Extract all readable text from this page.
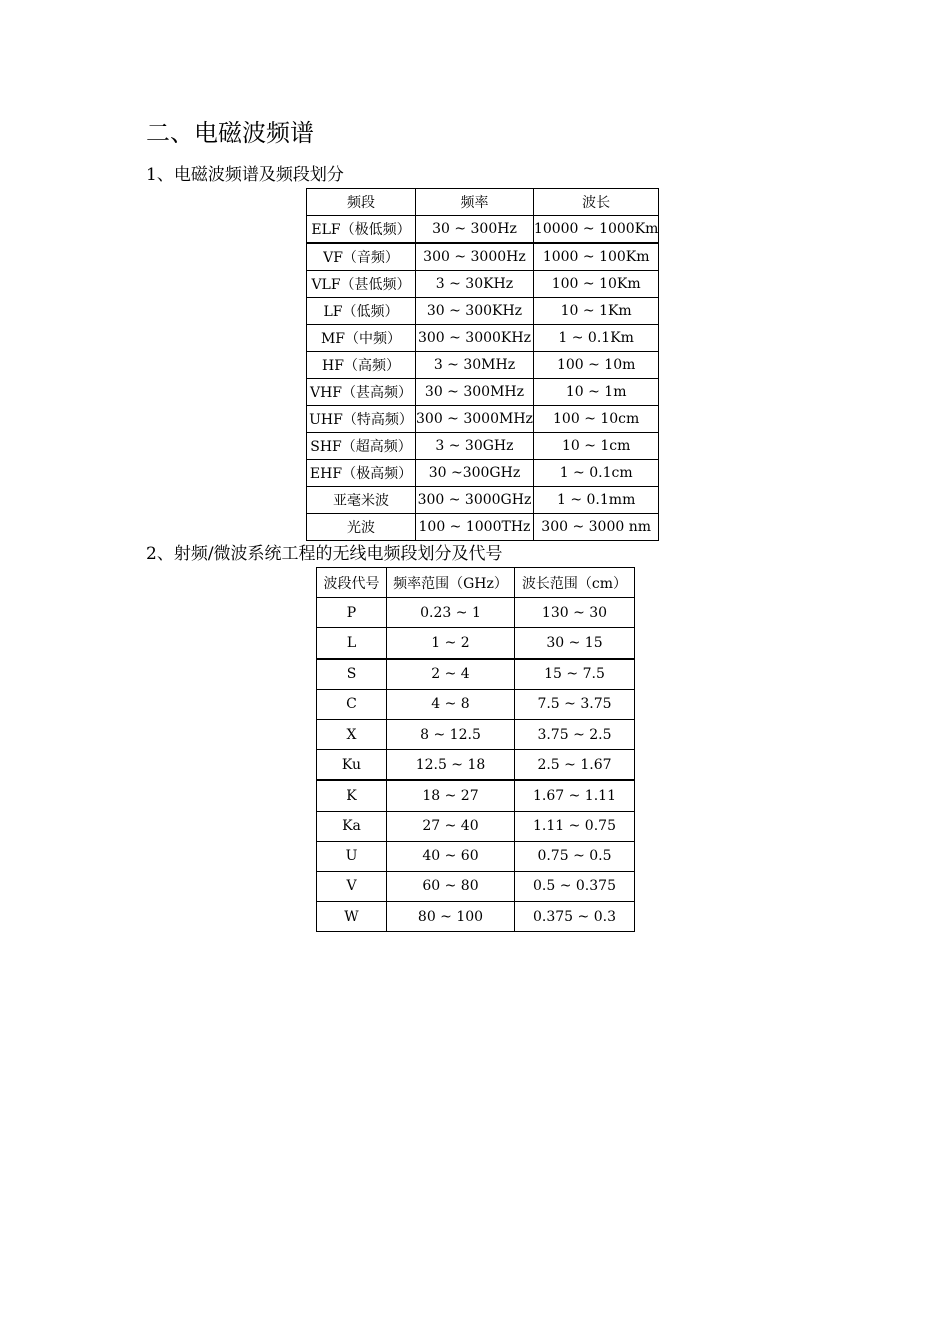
二、电磁波频谱
1、电磁波频谱及频段划分
频段	频率	波长
ELF（极低频）	30 ~ 300Hz	10000 ~ 1000Km
VF（音频）	300 ~ 3000Hz	1000 ~ 100Km
VLF（甚低频）	3 ~ 30KHz	100 ~ 10Km
LF（低频）	30 ~ 300KHz	10 ~ 1Km
MF（中频）	300 ~ 3000KHz	1 ~ 0.1Km
HF（高频）	3 ~ 30MHz	100 ~ 10m
VHF（甚高频）	30 ~ 300MHz	10 ~ 1m
UHF（特高频）	300 ~ 3000MHz	100 ~ 10cm
SHF（超高频）	3 ~ 30GHz	10 ~ 1cm
EHF（极高频）	30 ~300GHz	1 ~ 0.1cm
亚毫米波	300 ~ 3000GHz	1 ~ 0.1mm
光波	100 ~ 1000THz	300 ~ 3000 nm
2、射频/微波系统工程的无线电频段划分及代号
波段代号	频率范围（GHz）	波长范围（cm）
P	0.23 ~ 1	130 ~ 30
L	1 ~ 2	30 ~ 15
S	2 ~ 4	15 ~ 7.5
C	4 ~ 8	7.5 ~ 3.75
X	8 ~ 12.5	3.75 ~ 2.5
Ku	12.5 ~ 18	2.5 ~ 1.67
K	18 ~ 27	1.67 ~ 1.11
Ka	27 ~ 40	1.11 ~ 0.75
U	40 ~ 60	0.75 ~ 0.5
V	60 ~ 80	0.5 ~ 0.375
W	80 ~ 100	0.375 ~ 0.3
